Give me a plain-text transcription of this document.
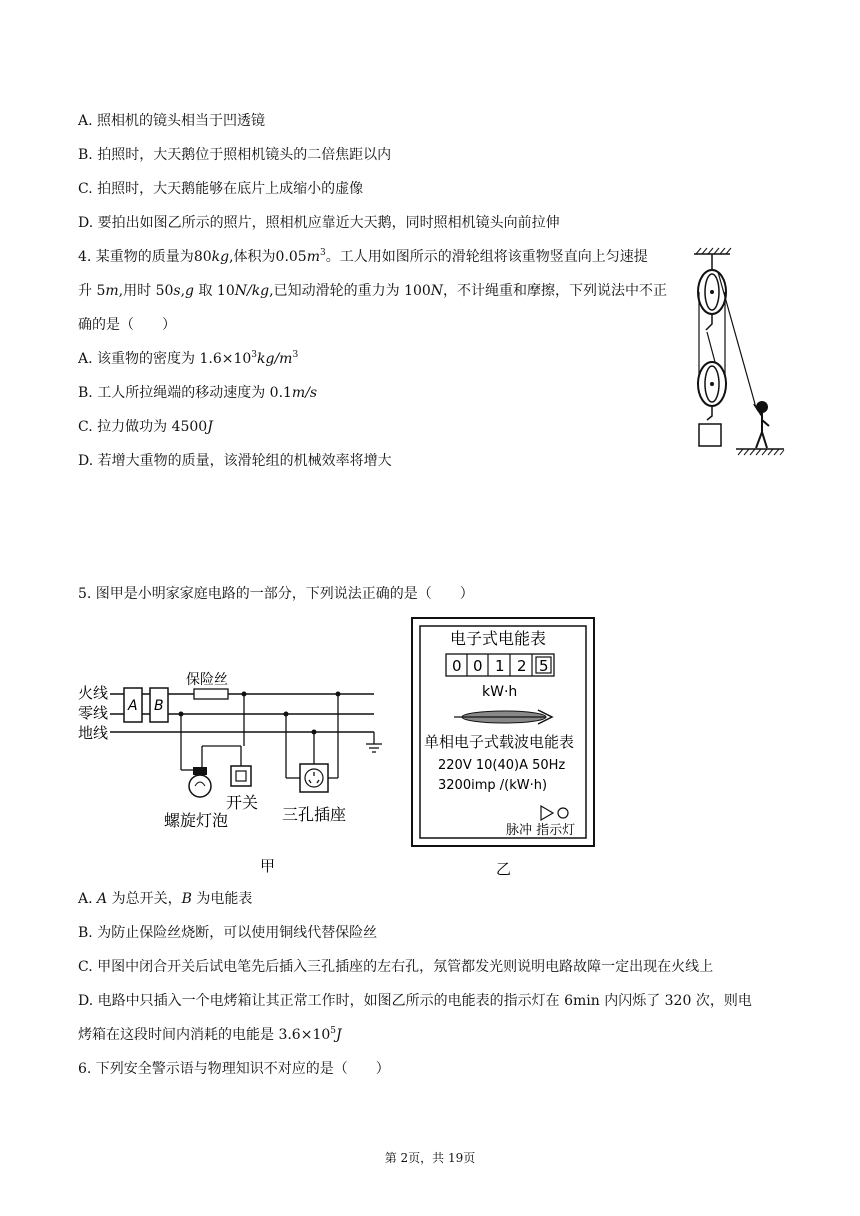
A. 照相机的镜头相当于凹透镜
B. 拍照时，大天鹅位于照相机镜头的二倍焦距以内
C. 拍照时，大天鹅能够在底片上成缩小的虚像
D. 要拍出如图乙所示的照片，照相机应靠近大天鹅，同时照相机镜头向前拉伸
4. 某重物的质量为80kg,体积为$0.05m^3$。工人用如图所示的滑轮组将该重物竖直向上匀速提
升 5m,用时 50s,g 取 10N/kg,已知动滑轮的重力为 100N，不计绳重和摩擦，下列说法中不正
确的是（　　）
A. 该重物的密度为 $1.6\times 10^3kg/m^3$
B. 工人所拉绳端的移动速度为 0.1m/s
C. 拉力做功为 4500J
D. 若增大重物的质量，该滑轮组的机械效率将增大
5. 图甲是小明家家庭电路的一部分，下列说法正确的是（　　）
火线
零线
地线
A B
保险丝
螺旋灯泡
开关
三孔插座
甲
电子式电能表
0 0 1 2 5
kW·h
单相电子式载波电能表
220V 10(40)A 50Hz
3200imp /(kW·h)
脉冲 指示灯
乙
A. A 为总开关，B 为电能表
B. 为防止保险丝烧断，可以使用铜线代替保险丝
C. 甲图中闭合开关后试电笔先后插入三孔插座的左右孔，氖管都发光则说明电路故障一定出现在火线上
D. 电路中只插入一个电烤箱让其正常工作时，如图乙所示的电能表的指示灯在 6min 内闪烁了 320 次，则电
烤箱在这段时间内消耗的电能是 $3.6\times 10^5J$
6. 下列安全警示语与物理知识不对应的是（　　）
第 2页，共 19页
